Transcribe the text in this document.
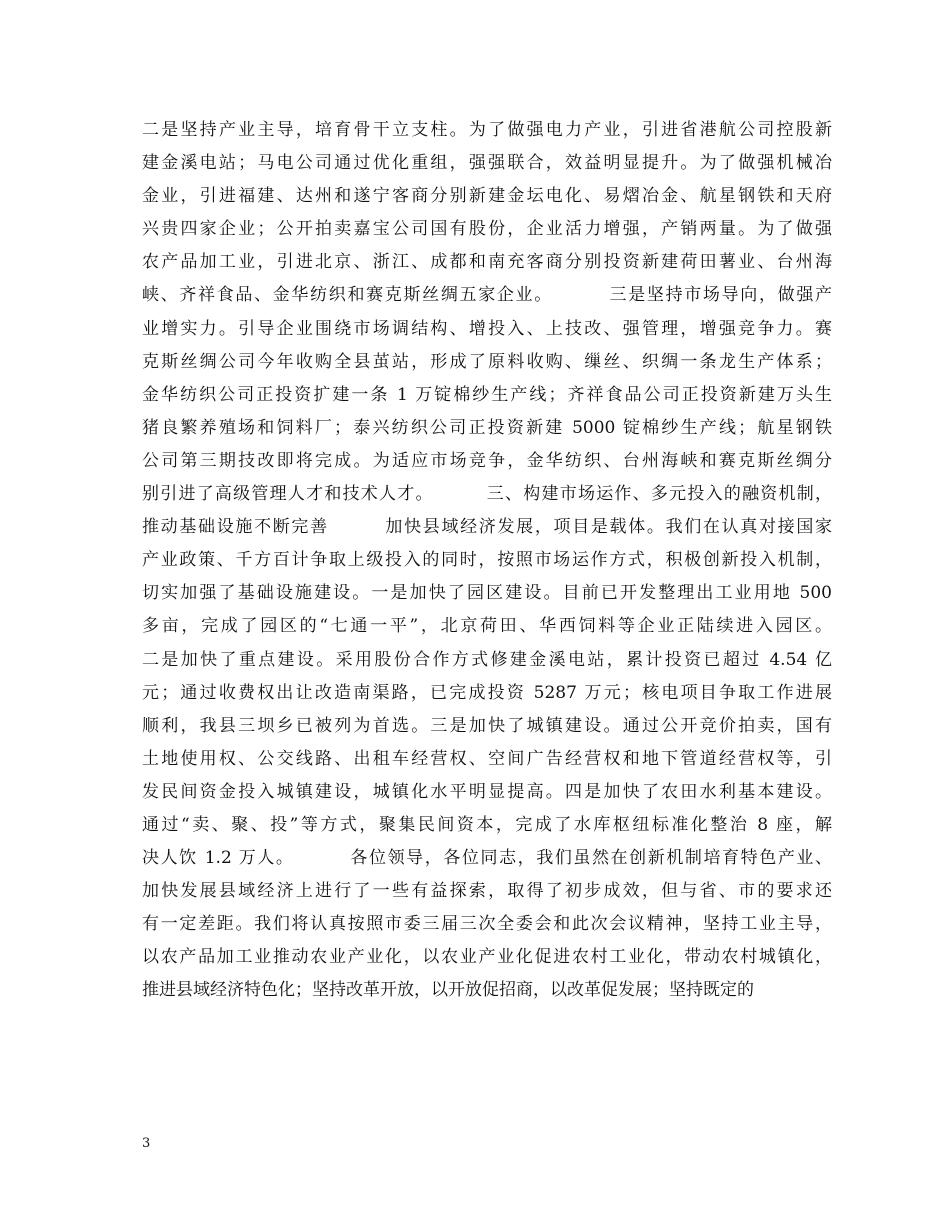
二是坚持产业主导，培育骨干立支柱。为了做强电力产业，引进省港航公司控股新
建金溪电站；马电公司通过优化重组，强强联合，效益明显提升。为了做强机械冶
金业，引进福建、达州和遂宁客商分别新建金坛电化、易熠冶金、航星钢铁和天府
兴贵四家企业；公开拍卖嘉宝公司国有股份，企业活力增强，产销两量。为了做强
农产品加工业，引进北京、浙江、成都和南充客商分别投资新建荷田薯业、台州海
峡、齐祥食品、金华纺织和赛克斯丝绸五家企业。        三是坚持市场导向，做强产
业增实力。引导企业围绕市场调结构、增投入、上技改、强管理，增强竞争力。赛
克斯丝绸公司今年收购全县茧站，形成了原料收购、缫丝、织绸一条龙生产体系；
金华纺织公司正投资扩建一条 1 万锭棉纱生产线；齐祥食品公司正投资新建万头生
猪良繁养殖场和饲料厂；泰兴纺织公司正投资新建 5000 锭棉纱生产线；航星钢铁
公司第三期技改即将完成。为适应市场竞争，金华纺织、台州海峡和赛克斯丝绸分
别引进了高级管理人才和技术人才。        三、构建市场运作、多元投入的融资机制，
推动基础设施不断完善        加快县域经济发展，项目是载体。我们在认真对接国家
产业政策、千方百计争取上级投入的同时，按照市场运作方式，积极创新投入机制，
切实加强了基础设施建设。一是加快了园区建设。目前已开发整理出工业用地 500
多亩，完成了园区的“七通一平”，北京荷田、华西饲料等企业正陆续进入园区。
二是加快了重点建设。采用股份合作方式修建金溪电站，累计投资已超过 4.54 亿
元；通过收费权出让改造南渠路，已完成投资 5287 万元；核电项目争取工作进展
顺利，我县三坝乡已被列为首选。三是加快了城镇建设。通过公开竞价拍卖，国有
土地使用权、公交线路、出租车经营权、空间广告经营权和地下管道经营权等，引
发民间资金投入城镇建设，城镇化水平明显提高。四是加快了农田水利基本建设。
通过“卖、聚、投”等方式，聚集民间资本，完成了水库枢纽标准化整治 8 座，解
决人饮 1.2 万人。        各位领导，各位同志，我们虽然在创新机制培育特色产业、
加快发展县域经济上进行了一些有益探索，取得了初步成效，但与省、市的要求还
有一定差距。我们将认真按照市委三届三次全委会和此次会议精神，坚持工业主导，
以农产品加工业推动农业产业化，以农业产业化促进农村工业化，带动农村城镇化，
推进县域经济特色化；坚持改革开放，以开放促招商，以改革促发展；坚持既定的
3
